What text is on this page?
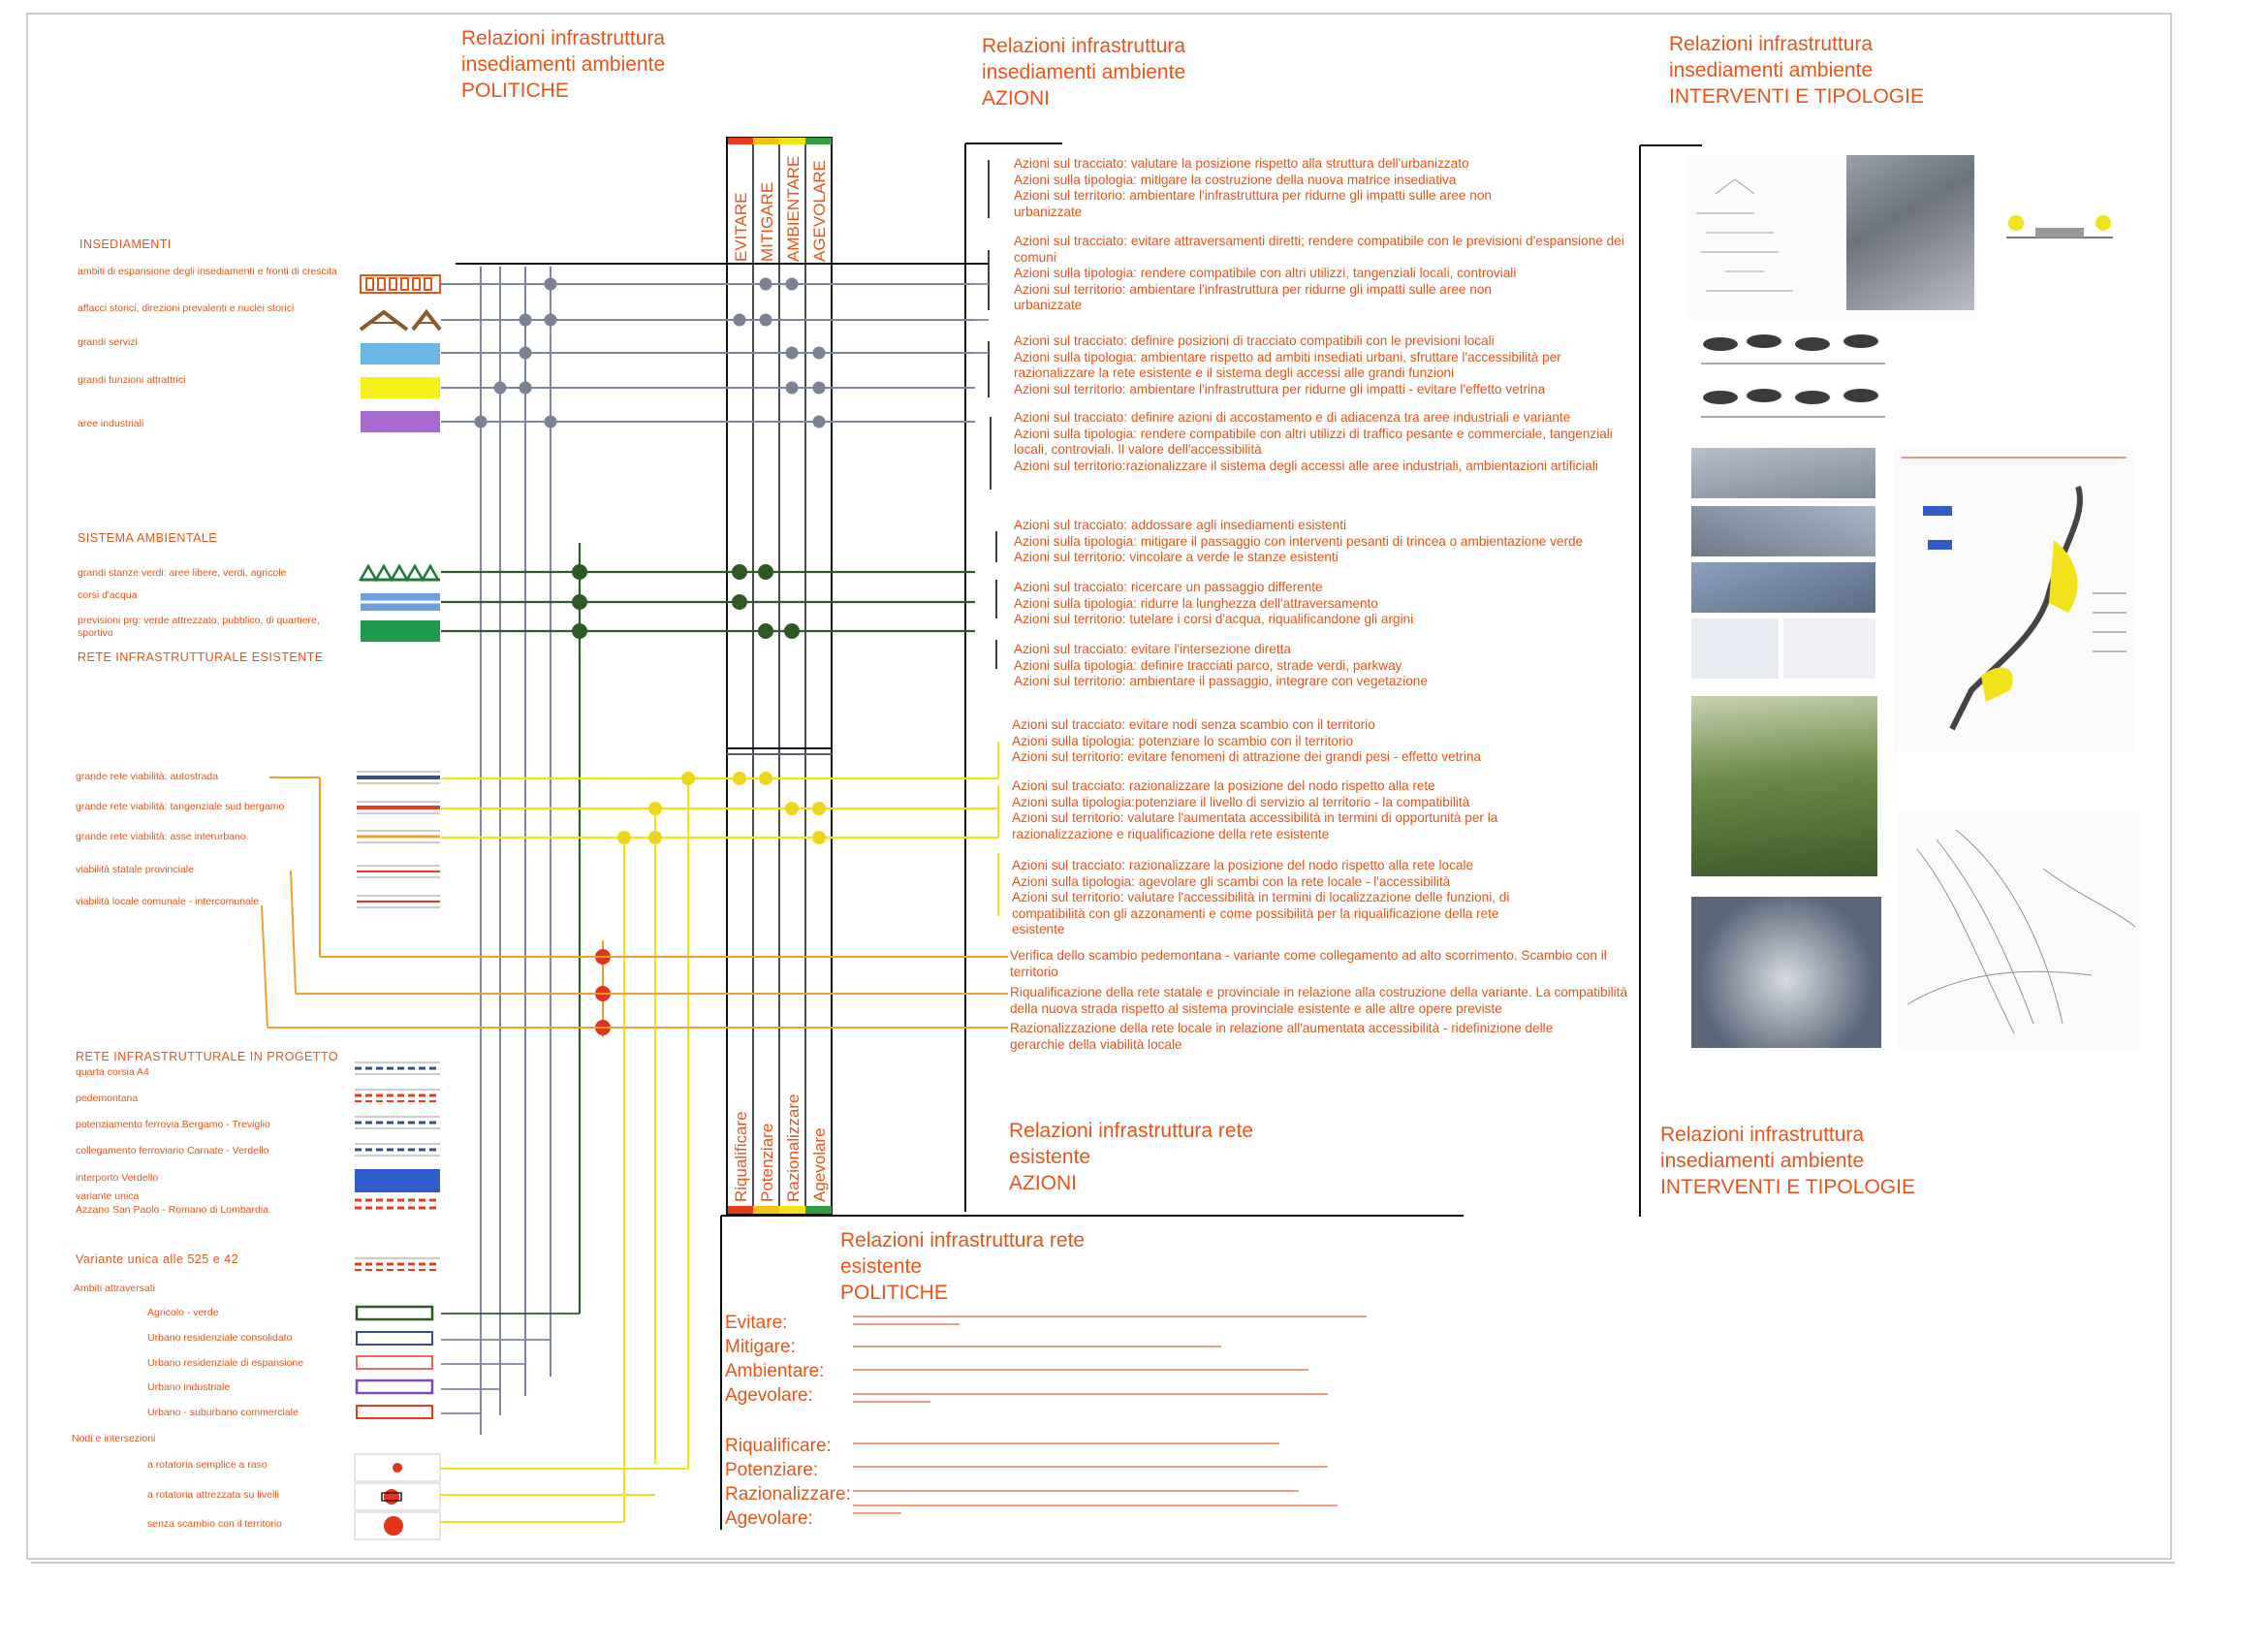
Relazioni infrastruttura
insediamenti ambiente
POLITICHE
Relazioni infrastruttura
insediamenti ambiente
AZIONI
Relazioni infrastruttura
insediamenti ambiente
INTERVENTI E TIPOLOGIE
Relazioni infrastruttura rete
esistente
AZIONI
Relazioni infrastruttura
insediamenti ambiente
INTERVENTI E TIPOLOGIE
Relazioni infrastruttura rete
esistente
POLITICHE
EVITARE MITIGARE AMBIENTARE AGEVOLARE
Riqualificare Potenziare Razionalizzare Agevolare
INSEDIAMENTI
ambiti di espansione degli insediamenti e fronti di crescita
affacci storici, direzioni prevalenti e nuclei storici
grandi servizi
grandi funzioni attrattrici
aree industriali
SISTEMA AMBIENTALE
grandi stanze verdi: aree libere, verdi, agricole
corsi d'acqua
previsioni prg: verde attrezzato, pubblico, di quartiere, sportivo
RETE INFRASTRUTTURALE ESISTENTE
grande rete viabilità: autostrada
grande rete viabilità: tangenziale sud bergamo
grande rete viabilità: asse interurbano
viabilità statale provinciale
viabilità locale comunale - intercomunale
RETE INFRASTRUTTURALE IN PROGETTO
quarta corsia A4
pedemontana
potenziamento ferrovia Bergamo - Treviglio
collegamento ferroviario Carnate - Verdello
interporto Verdello
variante unica
Azzano San Paolo - Romano di Lombardia
Variante unica alle 525 e 42
Ambiti attraversati
Agricolo - verde
Urbano residenziale consolidato
Urbano residenziale di espansione
Urbano industriale
Urbano - suburbano commerciale
Nodi e intersezioni
a rotatoria semplice a raso
a rotatoria attrezzata su livelli
senza scambio con il territorio
Azioni sul tracciato: valutare la posizione rispetto alla struttura dell'urbanizzato
Azioni sulla tipologia: mitigare la costruzione della nuova matrice insediativa
Azioni sul territorio: ambientare l'infrastruttura per ridurne gli impatti sulle aree non urbanizzate
Azioni sul tracciato: evitare attraversamenti diretti; rendere compatibile con le previsioni d'espansione dei comuni
Azioni sulla tipologia: rendere compatibile con altri utilizzi, tangenziali locali, controviali
Azioni sul territorio: ambientare l'infrastruttura per ridurne gli impatti sulle aree non urbanizzate
Azioni sul tracciato: definire posizioni di tracciato compatibili con le previsioni locali
Azioni sulla tipologia: ambientare rispetto ad ambiti insediati urbani, sfruttare l'accessibilità per razionalizzare la rete esistente e il sistema degli accessi alle grandi funzioni
Azioni sul territorio: ambientare l'infrastruttura per ridurne gli impatti - evitare l'effetto vetrina
Azioni sul tracciato: definire azioni di accostamento e di adiacenza tra aree industriali e variante
Azioni sulla tipologia: rendere compatibile con altri utilizzi di traffico pesante e commerciale, tangenziali locali, controviali. Il valore dell'accessibilità
Azioni sul territorio:razionalizzare il sistema degli accessi alle aree industriali, ambientazioni artificiali
Azioni sul tracciato: addossare agli insediamenti esistenti
Azioni sulla tipologia: mitigare il passaggio con interventi pesanti di trincea o ambientazione verde
Azioni sul territorio: vincolare a verde le stanze esistenti
Azioni sul tracciato: ricercare un passaggio differente
Azioni sulla tipologia: ridurre la lunghezza dell'attraversamento
Azioni sul territorio: tutelare i corsi d'acqua, riqualificandone gli argini
Azioni sul tracciato: evitare l'intersezione diretta
Azioni sulla tipologia: definire tracciati parco, strade verdi, parkway
Azioni sul territorio: ambientare il passaggio, integrare con vegetazione
Azioni sul tracciato: evitare nodi senza scambio con il territorio
Azioni sulla tipologia: potenziare lo scambio con il territorio
Azioni sul territorio: evitare fenomeni di attrazione dei grandi pesi - effetto vetrina
Azioni sul tracciato: razionalizzare la posizione del nodo rispetto alla rete
Azioni sulla tipologia:potenziare il livello di servizio al territorio - la compatibilità
Azioni sul territorio: valutare l'aumentata accessibilità in termini di opportunità per la razionalizzazione e riqualificazione della rete esistente
Azioni sul tracciato: razionalizzare la posizione del nodo rispetto alla rete locale
Azioni sulla tipologia: agevolare gli scambi con la rete locale - l'accessibilità
Azioni sul territorio: valutare l'accessibilità in termini di localizzazione delle funzioni, di compatibilità con gli azzonamenti e come possibilità per la riqualificazione della rete esistente
Verifica dello scambio pedemontana - variante come collegamento ad alto scorrimento. Scambio con il territorio
Riqualificazione della rete statale e provinciale in relazione alla costruzione della variante. La compatibilità della nuova strada rispetto al sistema provinciale esistente e alle altre opere previste
Razionalizzazione della rete locale in relazione all'aumentata accessibilità - ridefinizione delle gerarchie della viabilità locale
Evitare:
Mitigare:
Ambientare:
Agevolare:
Riqualificare:
Potenziare:
Razionalizzare:
Agevolare:
